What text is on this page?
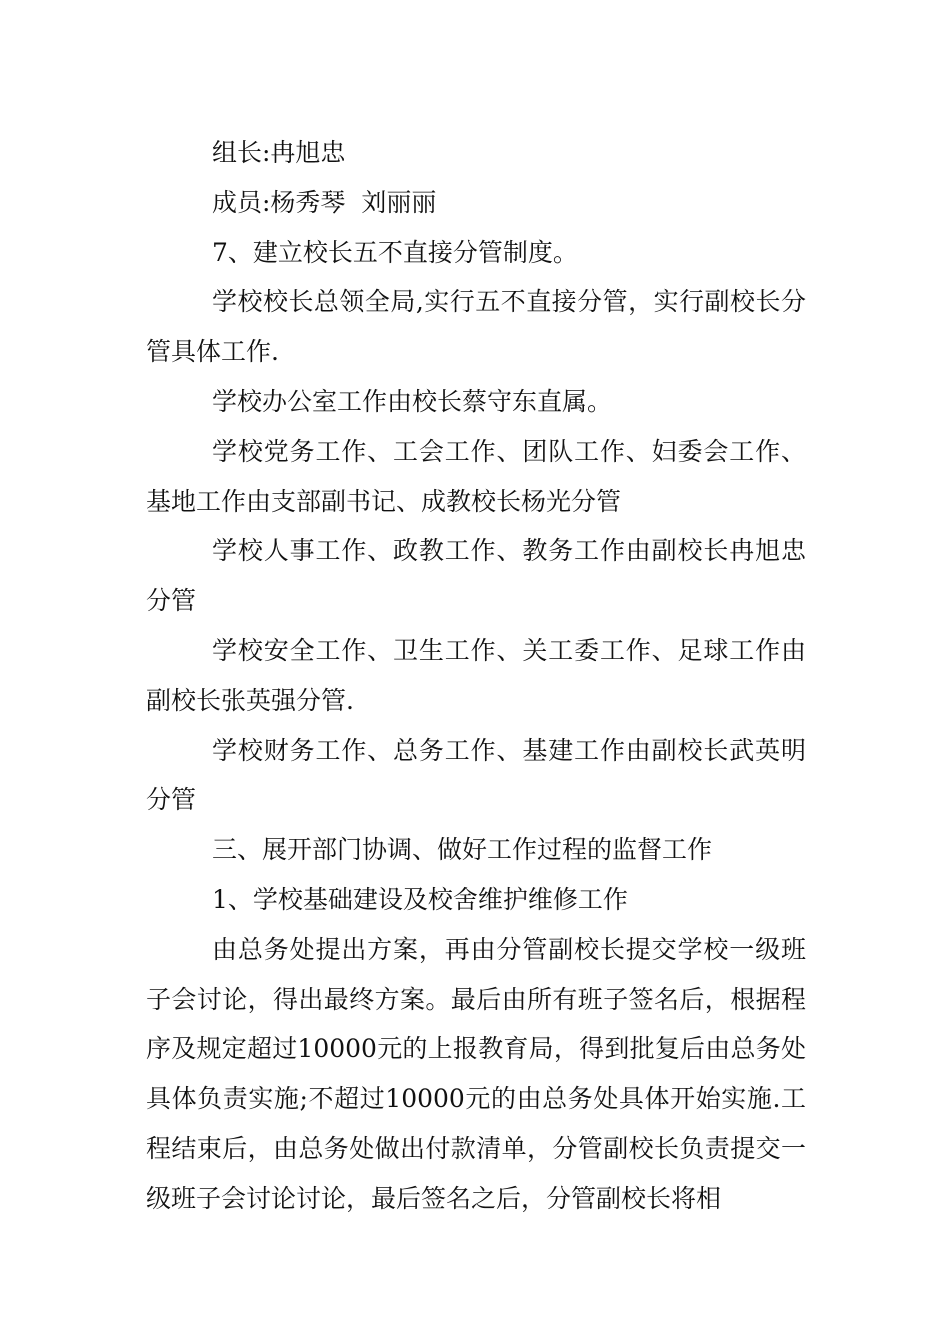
组长:冉旭忠

成员:杨秀琴  刘丽丽

7、建立校长五不直接分管制度。

学校校长总领全局,实行五不直接分管，实行副校长分管具体工作.

学校办公室工作由校长蔡守东直属。

学校党务工作、工会工作、团队工作、妇委会工作、基地工作由支部副书记、成教校长杨光分管

学校人事工作、政教工作、教务工作由副校长冉旭忠分管

学校安全工作、卫生工作、关工委工作、足球工作由副校长张英强分管.

学校财务工作、总务工作、基建工作由副校长武英明分管

三、展开部门协调、做好工作过程的监督工作

1、学校基础建设及校舍维护维修工作

由总务处提出方案，再由分管副校长提交学校一级班子会讨论，得出最终方案。最后由所有班子签名后，根据程序及规定超过10000元的上报教育局，得到批复后由总务处具体负责实施;不超过10000元的由总务处具体开始实施.工程结束后，由总务处做出付款清单，分管副校长负责提交一级班子会讨论讨论，最后签名之后，分管副校长将相
